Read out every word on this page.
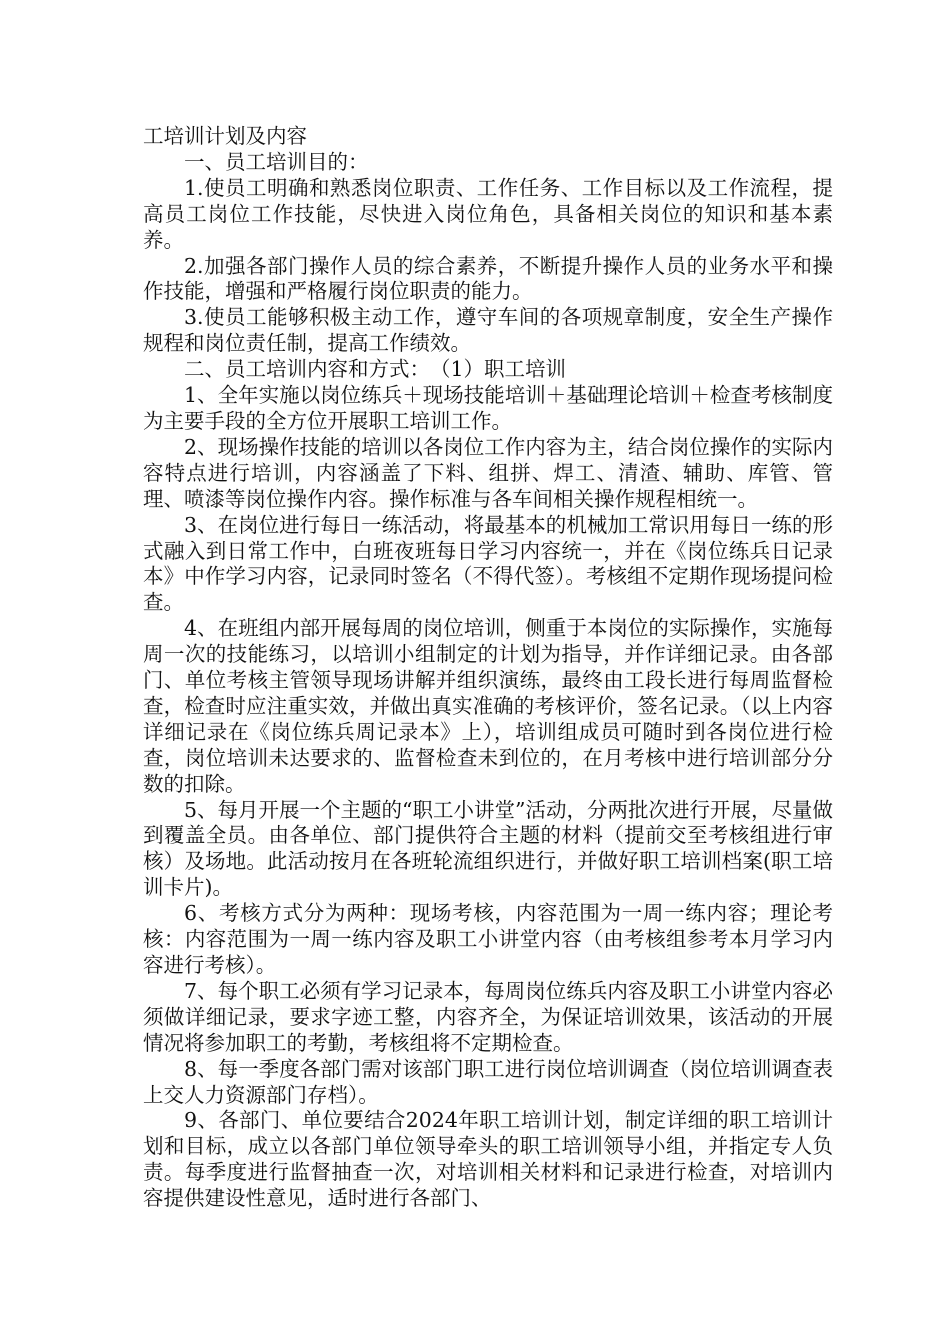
工培训计划及内容

一、员工培训目的：

1.使员工明确和熟悉岗位职责、工作任务、工作目标以及工作流程，提高员工岗位工作技能，尽快进入岗位角色，具备相关岗位的知识和基本素养。

2.加强各部门操作人员的综合素养，不断提升操作人员的业务水平和操作技能，增强和严格履行岗位职责的能力。

3.使员工能够积极主动工作，遵守车间的各项规章制度，安全生产操作规程和岗位责任制，提高工作绩效。

二、员工培训内容和方式：　（1）职工培训

1、全年实施以岗位练兵＋现场技能培训＋基础理论培训＋检查考核制度为主要手段的全方位开展职工培训工作。

2、现场操作技能的培训以各岗位工作内容为主，结合岗位操作的实际内容特点进行培训，内容涵盖了下料、组拼、焊工、清渣、辅助、库管、管理、喷漆等岗位操作内容。操作标准与各车间相关操作规程相统一。

3、在岗位进行每日一练活动，将最基本的机械加工常识用每日一练的形式融入到日常工作中，白班夜班每日学习内容统一，并在《岗位练兵日记录本》中作学习内容，记录同时签名（不得代签）。考核组不定期作现场提问检查。

4、在班组内部开展每周的岗位培训，侧重于本岗位的实际操作，实施每周一次的技能练习，以培训小组制定的计划为指导，并作详细记录。由各部门、单位考核主管领导现场讲解并组织演练，最终由工段长进行每周监督检查，检查时应注重实效，并做出真实准确的考核评价，签名记录。（以上内容详细记录在《岗位练兵周记录本》上），培训组成员可随时到各岗位进行检查，岗位培训未达要求的、监督检查未到位的，在月考核中进行培训部分分数的扣除。

5、每月开展一个主题的“职工小讲堂”活动，分两批次进行开展，尽量做到覆盖全员。由各单位、部门提供符合主题的材料（提前交至考核组进行审核）及场地。此活动按月在各班轮流组织进行，并做好职工培训档案(职工培训卡片)。

6、考核方式分为两种：现场考核，内容范围为一周一练内容；理论考核：内容范围为一周一练内容及职工小讲堂内容（由考核组参考本月学习内容进行考核）。

7、每个职工必须有学习记录本，每周岗位练兵内容及职工小讲堂内容必须做详细记录，要求字迹工整，内容齐全，为保证培训效果，该活动的开展情况将参加职工的考勤，考核组将不定期检查。

8、每一季度各部门需对该部门职工进行岗位培训调查（岗位培训调查表上交人力资源部门存档）。

9、各部门、单位要结合2024年职工培训计划，制定详细的职工培训计划和目标，成立以各部门单位领导牵头的职工培训领导小组，并指定专人负责。每季度进行监督抽查一次，对培训相关材料和记录进行检查，对培训内容提供建设性意见，适时进行各部门、
